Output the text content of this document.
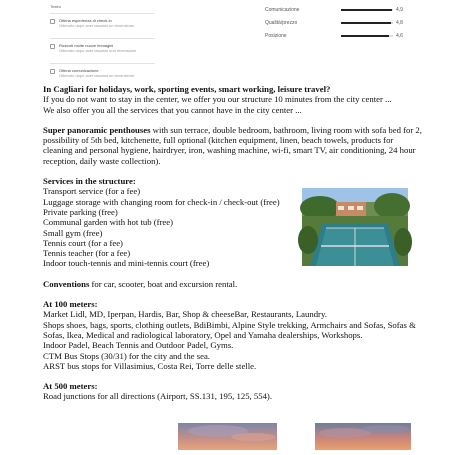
Teatro
Ottima esperienza di check-in
Ottenuto dopo aver lasciato un recensione
Ricevuti molte nuove immagini
Ottenuto dopo aver lasciato una recensione
Ottima comunicazione
Ottenuto dopo aver lasciato un recensione
Comunicazione	4,9
Qualità/prezzo	4,8
Posizione	4,6

In Cagliari for holidays, work, sporting events, smart working, leisure travel?

If you do not want to stay in the center, we offer you our structure 10 minutes from the city center ...

We also offer you all the services that you cannot have in the city center ...

Super panoramic penthouses with sun terrace, double bedroom, bathroom, living room with sofa bed for 2, possibility of 5th bed, kitchenette, full optional (kitchen equipment, linen, beach towels, products for cleaning and personal hygiene, hairdryer, iron, washing machine, wi-fi, smart TV, air conditioning, 24 hour reception, daily waste collection).

Services in the structure:

Transport service (for a fee)

Luggage storage with changing room for check-in / check-out (free)

Private parking (free)

Communal garden with hot tub (free)

Small gym (free)

Tennis court (for a fee)

Tennis teacher (for a fee)

Indoor touch-tennis and mini-tennis court (free)

Conventions for car, scooter, boat and excursion rental.

At 100 meters:

Market Lidl, MD, Iperpan, Hardis, Bar, Shop & cheeseBar, Restaurants, Laundry.

Shops shoes, bags, sports, clothing outlets, BdiBimbi, Alpine Style trekking, Armchairs and Sofas, Sofas & Sofas, Ikea, Medical and radiological laboratory, Opel and Yamaha dealerships, Workshops.

Indoor Padel, Beach Tennis and Outdoor Padel, Gyms.

CTM Bus Stops (30/31) for the city and the sea.

ARST bus stops for Villasimius, Costa Rei, Torre delle stelle.

At 500 meters:

Road junctions for all directions (Airport, SS.131, 195, 125, 554).
